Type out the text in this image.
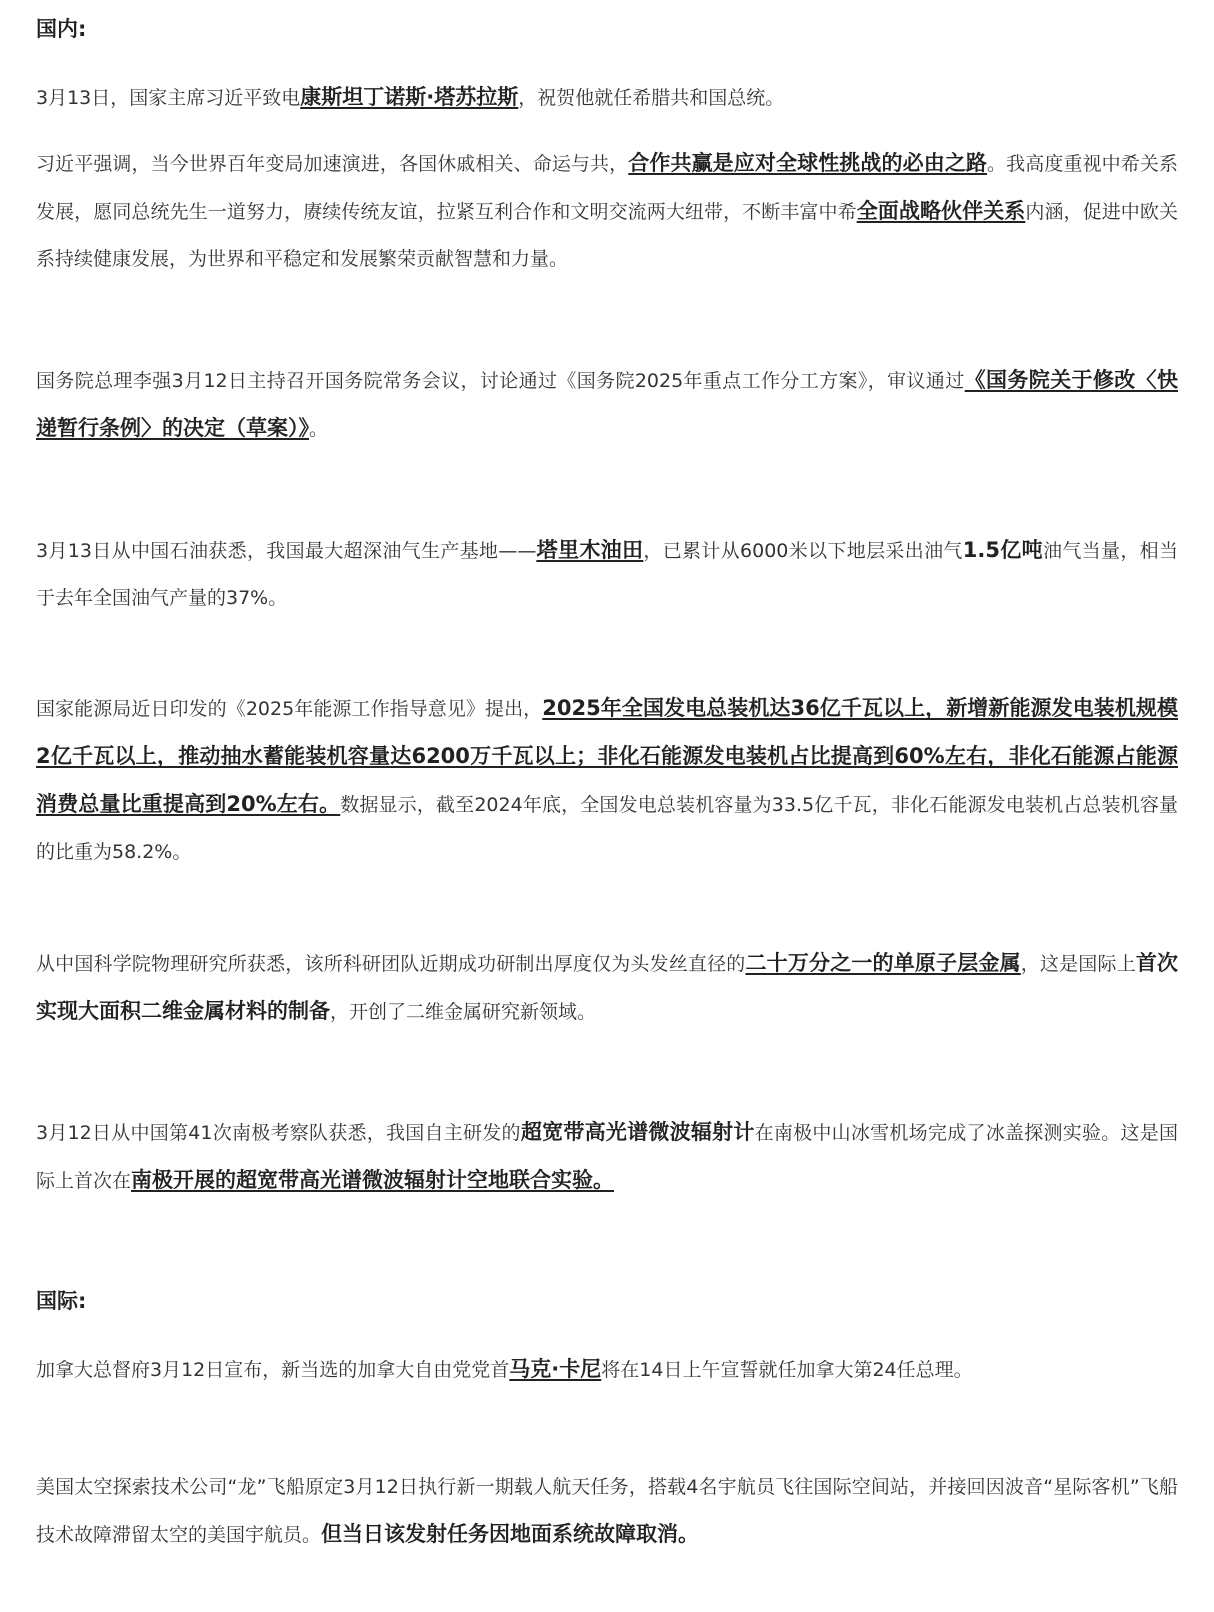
国内:

3月13日，国家主席习近平致电康斯坦丁诺斯·塔苏拉斯，祝贺他就任希腊共和国总统。

习近平强调，当今世界百年变局加速演进，各国休戚相关、命运与共，合作共赢是应对全球性挑战的必由之路。我高度重视中希关系发展，愿同总统先生一道努力，赓续传统友谊，拉紧互利合作和文明交流两大纽带，不断丰富中希全面战略伙伴关系内涵，促进中欧关系持续健康发展，为世界和平稳定和发展繁荣贡献智慧和力量。

国务院总理李强3月12日主持召开国务院常务会议，讨论通过《国务院2025年重点工作分工方案》，审议通过《国务院关于修改〈快递暂行条例〉的决定（草案）》。

3月13日从中国石油获悉，我国最大超深油气生产基地——塔里木油田，已累计从6000米以下地层采出油气1.5亿吨油气当量，相当于去年全国油气产量的37%。

国家能源局近日印发的《2025年能源工作指导意见》提出，2025年全国发电总装机达36亿千瓦以上，新增新能源发电装机规模2亿千瓦以上，推动抽水蓄能装机容量达6200万千瓦以上；非化石能源发电装机占比提高到60%左右，非化石能源占能源消费总量比重提高到20%左右。数据显示，截至2024年底，全国发电总装机容量为33.5亿千瓦，非化石能源发电装机占总装机容量的比重为58.2%。

从中国科学院物理研究所获悉，该所科研团队近期成功研制出厚度仅为头发丝直径的二十万分之一的单原子层金属，这是国际上首次实现大面积二维金属材料的制备，开创了二维金属研究新领域。

3月12日从中国第41次南极考察队获悉，我国自主研发的超宽带高光谱微波辐射计在南极中山冰雪机场完成了冰盖探测实验。这是国际上首次在南极开展的超宽带高光谱微波辐射计空地联合实验。

国际:

加拿大总督府3月12日宣布，新当选的加拿大自由党党首马克·卡尼将在14日上午宣誓就任加拿大第24任总理。

美国太空探索技术公司“龙”飞船原定3月12日执行新一期载人航天任务，搭载4名宇航员飞往国际空间站，并接回因波音“星际客机”飞船技术故障滞留太空的美国宇航员。但当日该发射任务因地面系统故障取消。
